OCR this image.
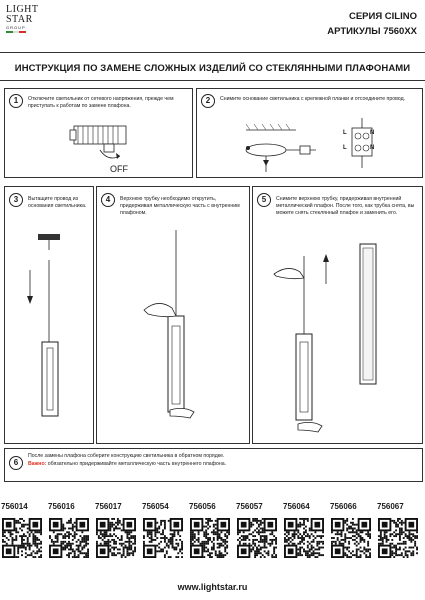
LIGHT
STAR
GROUP
СЕРИЯ CILINO
АРТИКУЛЫ 7560XX
ИНСТРУКЦИЯ ПО ЗАМЕНЕ СЛОЖНЫХ ИЗДЕЛИЙ СО СТЕКЛЯННЫМИ ПЛАФОНАМИ
1	Отключите светильник от сетевого напряжения, прежде чем приступать к работам по замене плафона.
OFF
2	Снимите основание светильника с крепежной планки и отсоедините провод.
L	N
L	N
3	Вытащите провод из основания светильника.
4	Верхнюю трубку необходимо открутить, придерживая металлическую часть с внутренним плафоном.
5	Снимите верхнюю трубку, придерживая внутренний металлический плафон. После того, как трубка снята, вы можете снять стеклянный плафон и заменить его.
6
После замены плафона соберите конструкцию светильника в обратном порядке.
Важно: обязательно придерживайте металлическую часть внутреннего плафона.
756014	756016	756017	756054	756056	756057	756064	756066	756067
www.lightstar.ru
